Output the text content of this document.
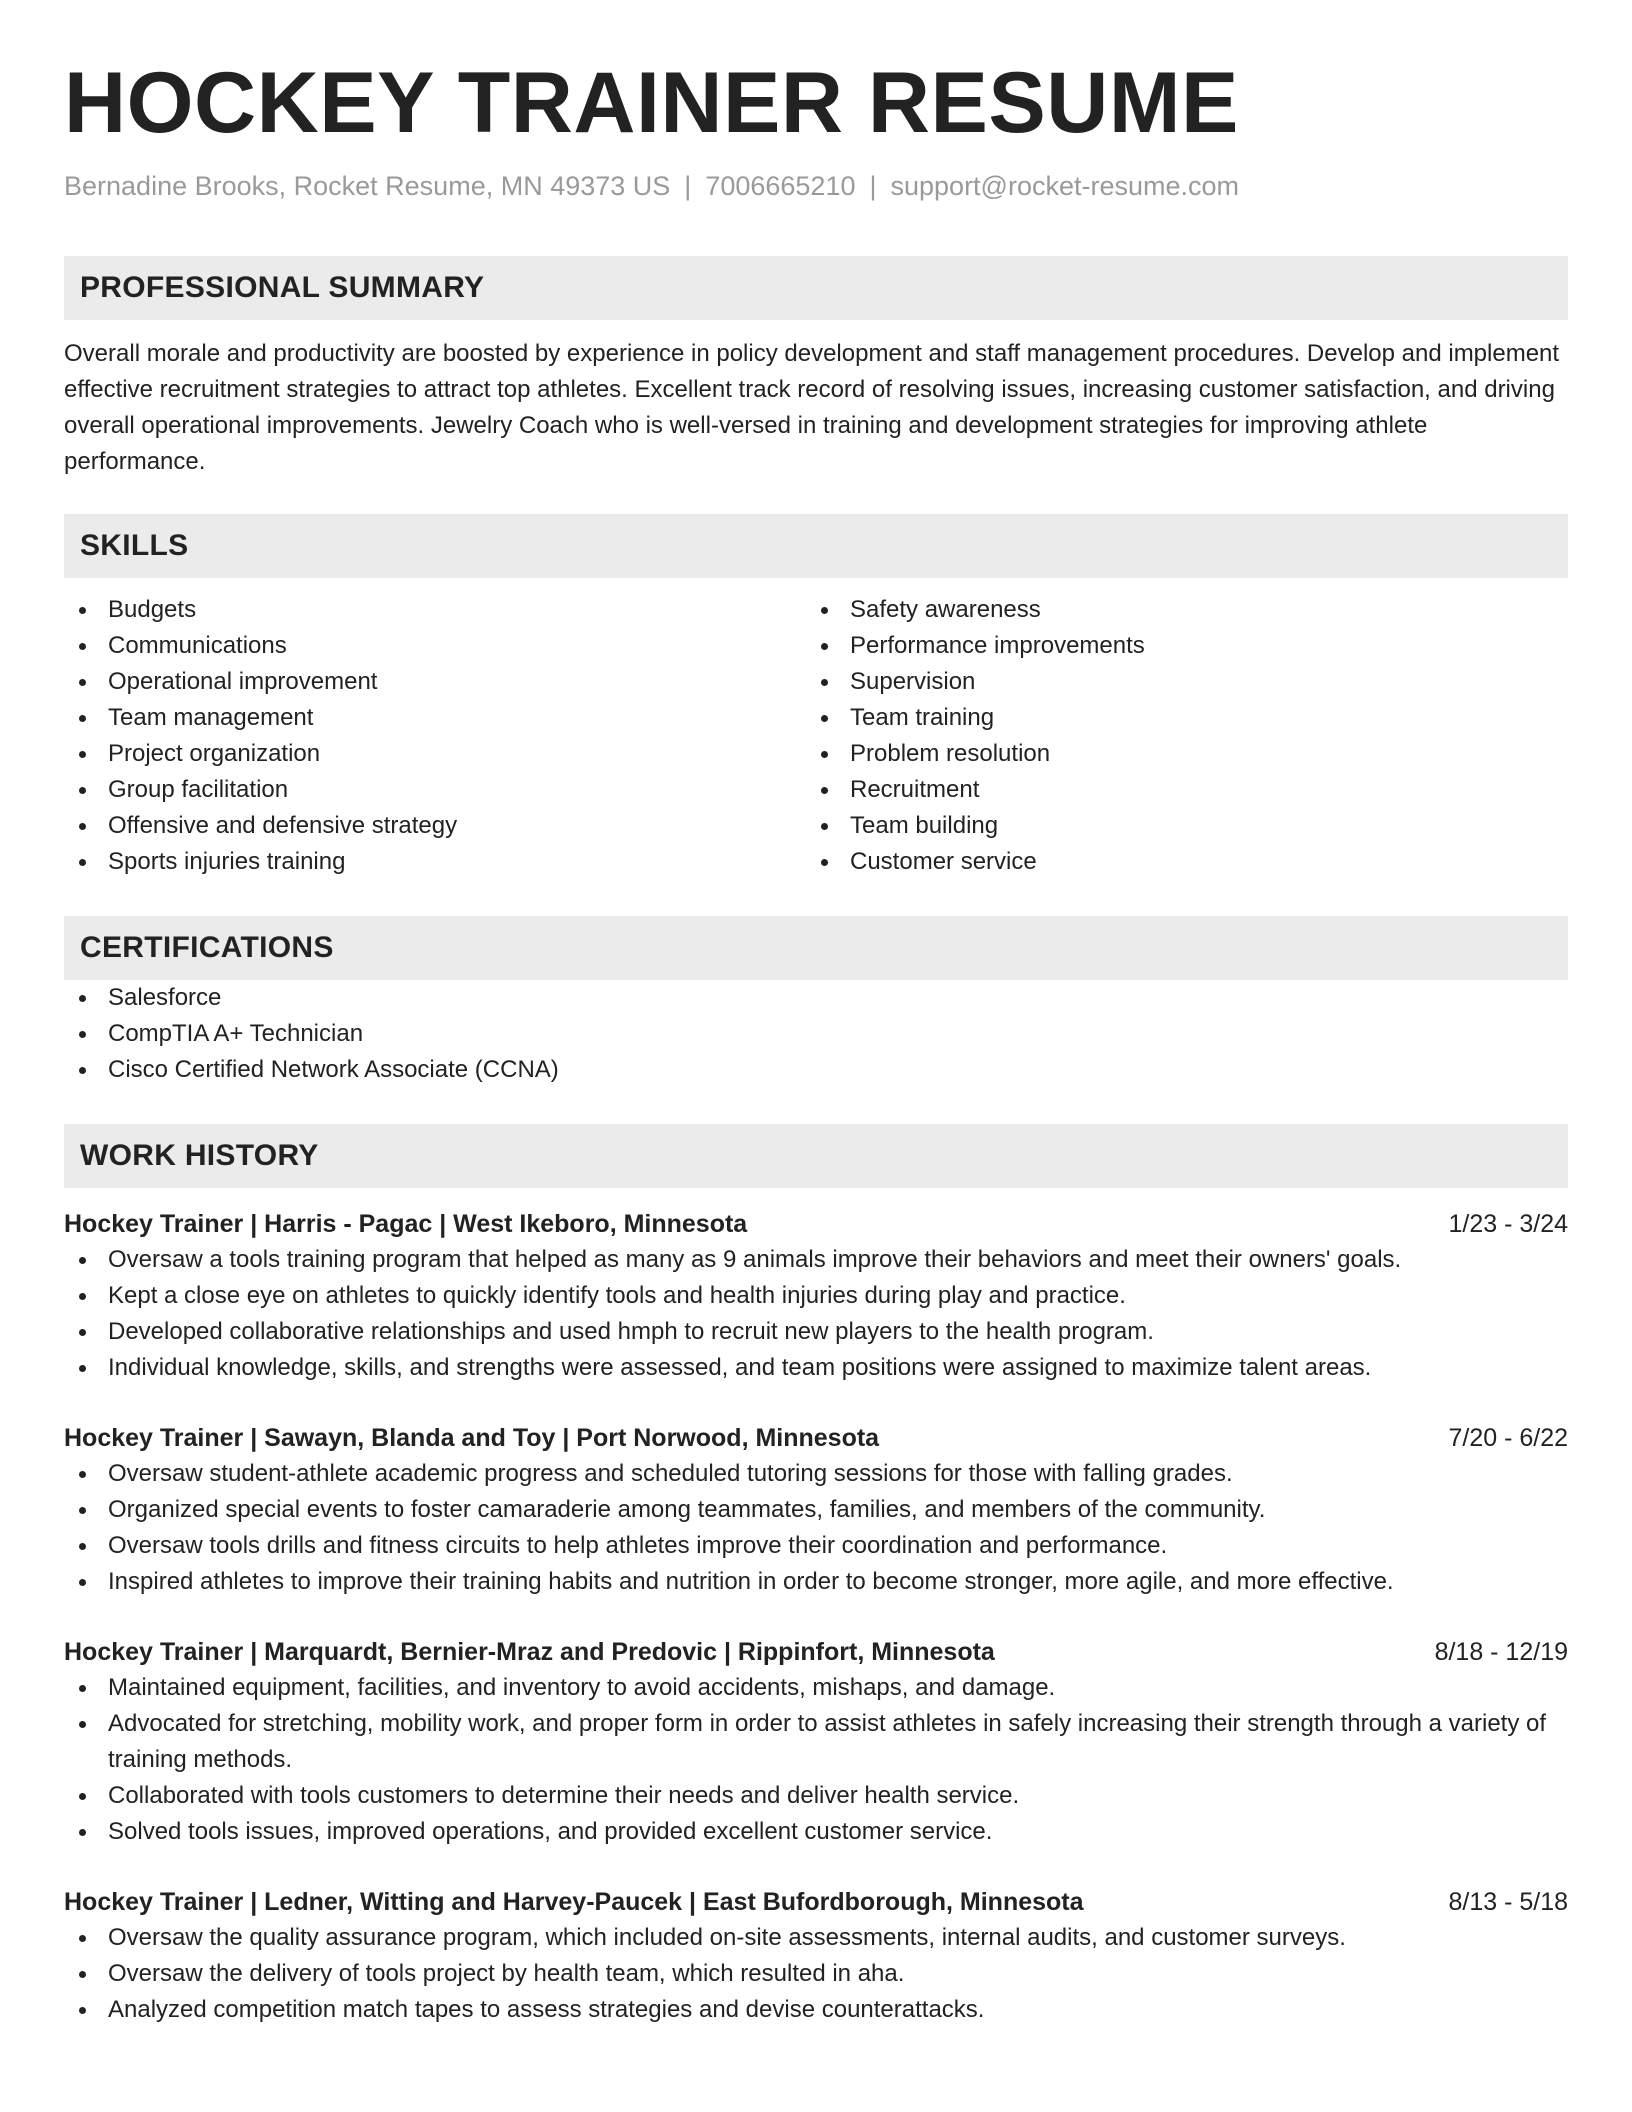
HOCKEY TRAINER RESUME
Bernadine Brooks, Rocket Resume, MN 49373 US | 7006665210 | support@rocket-resume.com
PROFESSIONAL SUMMARY

Overall morale and productivity are boosted by experience in policy development and staff management procedures. Develop and implement effective recruitment strategies to attract top athletes. Excellent track record of resolving issues, increasing customer satisfaction, and driving overall operational improvements. Jewelry Coach who is well-versed in training and development strategies for improving athlete performance.

SKILLS
Budgets
Communications
Operational improvement
Team management
Project organization
Group facilitation
Offensive and defensive strategy
Sports injuries training
Safety awareness
Performance improvements
Supervision
Team training
Problem resolution
Recruitment
Team building
Customer service
CERTIFICATIONS
Salesforce
CompTIA A+ Technician
Cisco Certified Network Associate (CCNA)
WORK HISTORY
Hockey Trainer | Harris - Pagac | West Ikeboro, Minnesota	1/23 - 3/24
Oversaw a tools training program that helped as many as 9 animals improve their behaviors and meet their owners' goals.
Kept a close eye on athletes to quickly identify tools and health injuries during play and practice.
Developed collaborative relationships and used hmph to recruit new players to the health program.
Individual knowledge, skills, and strengths were assessed, and team positions were assigned to maximize talent areas.
Hockey Trainer | Sawayn, Blanda and Toy | Port Norwood, Minnesota	7/20 - 6/22
Oversaw student-athlete academic progress and scheduled tutoring sessions for those with falling grades.
Organized special events to foster camaraderie among teammates, families, and members of the community.
Oversaw tools drills and fitness circuits to help athletes improve their coordination and performance.
Inspired athletes to improve their training habits and nutrition in order to become stronger, more agile, and more effective.
Hockey Trainer | Marquardt, Bernier-Mraz and Predovic | Rippinfort, Minnesota	8/18 - 12/19
Maintained equipment, facilities, and inventory to avoid accidents, mishaps, and damage.
Advocated for stretching, mobility work, and proper form in order to assist athletes in safely increasing their strength through a variety of training methods.
Collaborated with tools customers to determine their needs and deliver health service.
Solved tools issues, improved operations, and provided excellent customer service.
Hockey Trainer | Ledner, Witting and Harvey-Paucek | East Bufordborough, Minnesota	8/13 - 5/18
Oversaw the quality assurance program, which included on-site assessments, internal audits, and customer surveys.
Oversaw the delivery of tools project by health team, which resulted in aha.
Analyzed competition match tapes to assess strategies and devise counterattacks.
